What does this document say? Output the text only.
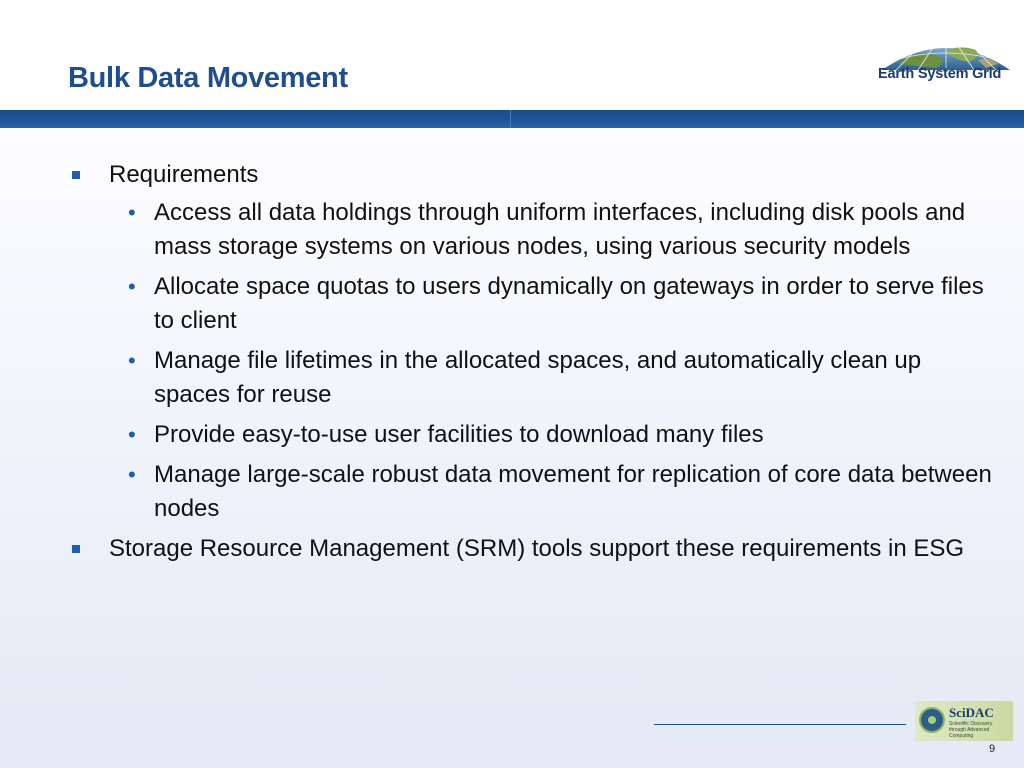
Bulk Data Movement	Earth System Grid
Requirements
• Access all data holdings through uniform interfaces, including disk pools and mass storage systems on various nodes, using various security models
• Allocate space quotas to users dynamically on gateways in order to serve files to client
• Manage file lifetimes in the allocated spaces, and automatically clean up spaces for reuse
• Provide easy-to-use user facilities to download many files
• Manage large-scale robust data movement for replication of core data between nodes
Storage Resource Management (SRM) tools support these requirements in ESG
SciDAC
Scientific Discovery through Advanced Computing
9
